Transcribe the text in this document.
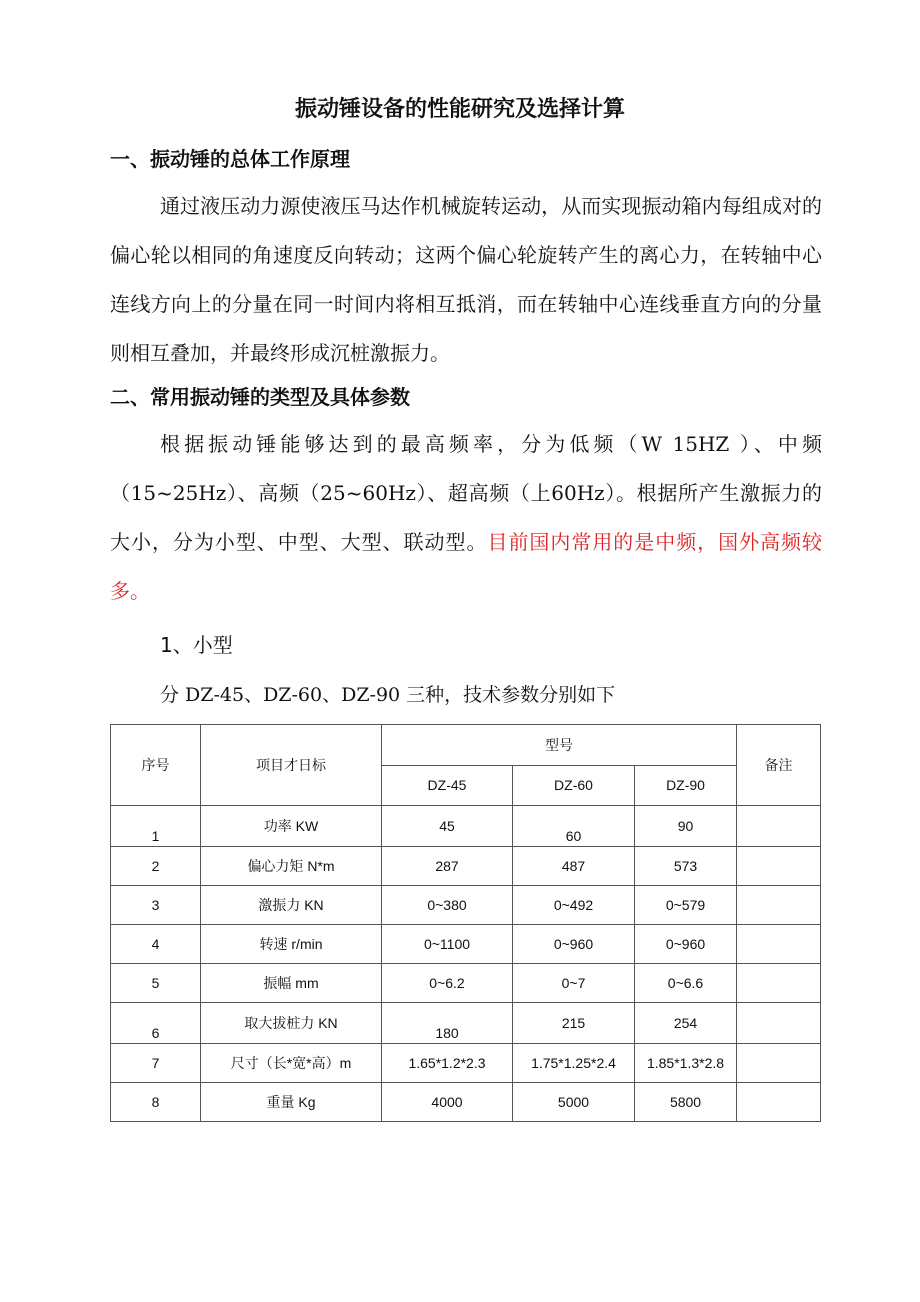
振动锤设备的性能研究及选择计算
一、振动锤的总体工作原理
通过液压动力源使液压马达作机械旋转运动，从而实现振动箱内每组成对的偏心轮以相同的角速度反向转动；这两个偏心轮旋转产生的离心力，在转轴中心连线方向上的分量在同一时间内将相互抵消，而在转轴中心连线垂直方向的分量则相互叠加，并最终形成沉桩激振力。
二、常用振动锤的类型及具体参数
根据振动锤能够达到的最高频率，分为低频（W 15HZ ）、中频 （15~25Hz）、高频（25~60Hz）、超高频（上60Hz）。根据所产生激振力的大小，分为小型、中型、大型、联动型。目前国内常用的是中频，国外高频较多。
1、小型
分 DZ-45、DZ-60、DZ-90 三种，技术参数分别如下
序号	项目才日标	型号			备注
		DZ-45	DZ-60	DZ-90	
1	功率 KW	45	60	90	
2	偏心力矩 N*m	287	487	573	
3	激振力 KN	0~380	0~492	0~579	
4	转速 r/min	0~1100	0~960	0~960	
5	振幅 mm	0~6.2	0~7	0~6.6	
6	取大拔桩力 KN	180	215	254	
7	尺寸（长*宽*高）m	1.65*1.2*2.3	1.75*1.25*2.4	1.85*1.3*2.8	
8	重量 Kg	4000	5000	5800	
